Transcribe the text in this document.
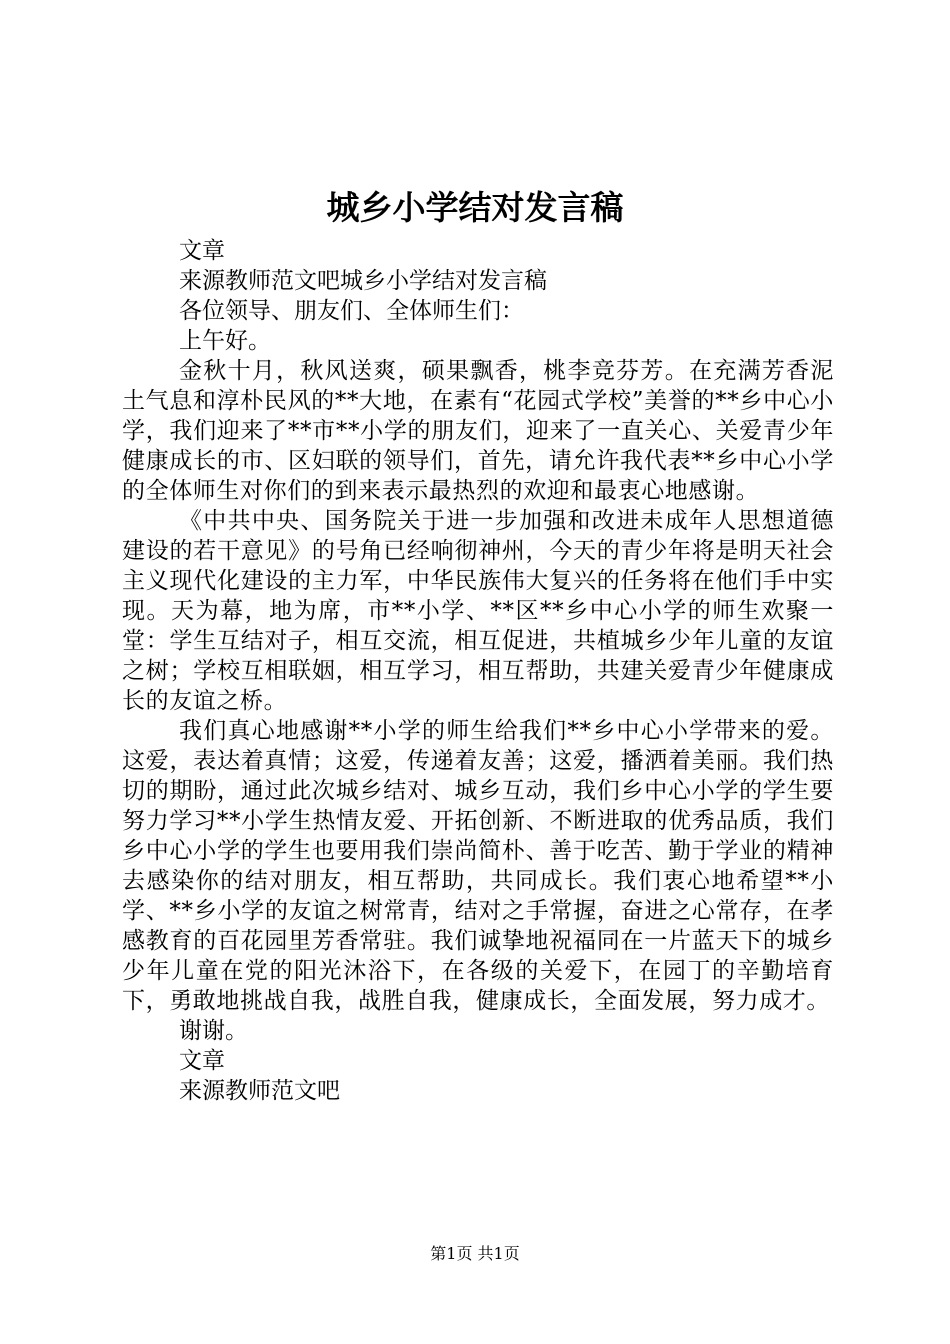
城乡小学结对发言稿

文章

来源教师范文吧城乡小学结对发言稿

各位领导、朋友们、全体师生们：

上午好。

金秋十月，秋风送爽，硕果飘香，桃李竞芬芳。在充满芳香泥土气息和淳朴民风的**大地，在素有“花园式学校”美誉的**乡中心小学，我们迎来了**市**小学的朋友们，迎来了一直关心、关爱青少年健康成长的市、区妇联的领导们，首先，请允许我代表**乡中心小学的全体师生对你们的到来表示最热烈的欢迎和最衷心地感谢。

《中共中央、国务院关于进一步加强和改进未成年人思想道德建设的若干意见》的号角已经响彻神州，今天的青少年将是明天社会主义现代化建设的主力军，中华民族伟大复兴的任务将在他们手中实现。天为幕，地为席，市**小学、**区**乡中心小学的师生欢聚一堂：学生互结对子，相互交流，相互促进，共植城乡少年儿童的友谊之树；学校互相联姻，相互学习，相互帮助，共建关爱青少年健康成长的友谊之桥。

我们真心地感谢**小学的师生给我们**乡中心小学带来的爱。这爱，表达着真情；这爱，传递着友善；这爱，播洒着美丽。我们热切的期盼，通过此次城乡结对、城乡互动，我们乡中心小学的学生要努力学习**小学生热情友爱、开拓创新、不断进取的优秀品质，我们乡中心小学的学生也要用我们崇尚简朴、善于吃苦、勤于学业的精神去感染你的结对朋友，相互帮助，共同成长。我们衷心地希望**小学、**乡小学的友谊之树常青，结对之手常握，奋进之心常存，在孝感教育的百花园里芳香常驻。我们诚挚地祝福同在一片蓝天下的城乡少年儿童在党的阳光沐浴下，在各级的关爱下，在园丁的辛勤培育下，勇敢地挑战自我，战胜自我，健康成长，全面发展，努力成才。

谢谢。

文章

来源教师范文吧

第1页 共1页
